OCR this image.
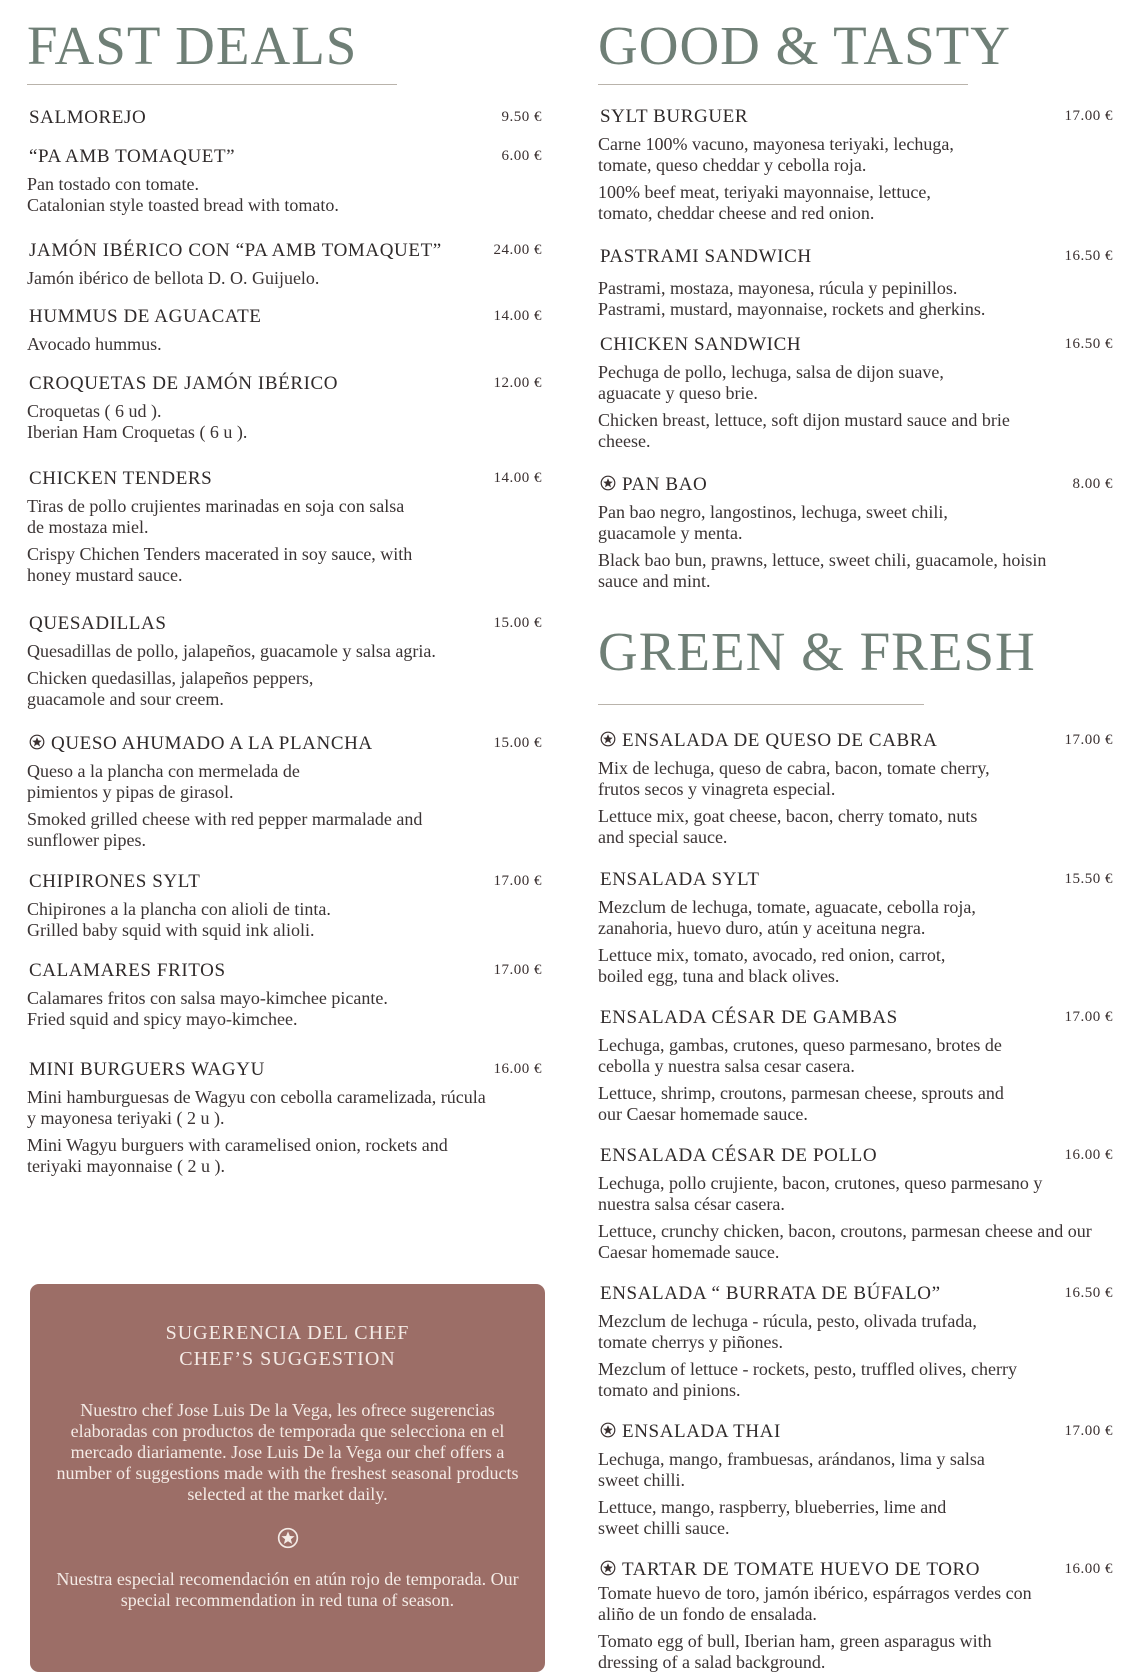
FAST DEALS
SALMOREJO	9.50 €
“PA AMB TOMAQUET”	6.00 €
Pan tostado con tomate.
Catalonian style toasted bread with tomato.
JAMÓN IBÉRICO CON “PA AMB TOMAQUET”	24.00 €
Jamón ibérico de bellota D. O. Guijuelo.
HUMMUS DE AGUACATE	14.00 €
Avocado hummus.
CROQUETAS DE JAMÓN IBÉRICO	12.00 €
Croquetas ( 6 ud ).
Iberian Ham Croquetas ( 6 u ).
CHICKEN TENDERS	14.00 €
Tiras de pollo crujientes marinadas en soja con salsa de mostaza miel.
Crispy Chichen Tenders macerated in soy sauce, with honey mustard sauce.
QUESADILLAS	15.00 €
Quesadillas de pollo, jalapeños, guacamole y salsa agria.
Chicken quedasillas, jalapeños peppers, guacamole and sour creem.
QUESO AHUMADO A LA PLANCHA	15.00 €
Queso a la plancha con mermelada de pimientos y pipas de girasol.
Smoked grilled cheese with red pepper marmalade and sunflower pipes.
CHIPIRONES SYLT	17.00 €
Chipirones a la plancha con alioli de tinta.
Grilled baby squid with squid ink alioli.
CALAMARES FRITOS	17.00 €
Calamares fritos con salsa mayo-kimchee picante.
Fried squid and spicy mayo-kimchee.
MINI BURGUERS WAGYU	16.00 €
Mini hamburguesas de Wagyu con cebolla caramelizada, rúcula y mayonesa teriyaki ( 2 u ).
Mini Wagyu burguers with caramelised onion, rockets and teriyaki mayonnaise ( 2 u ).
SUGERENCIA DEL CHEF
CHEF’S SUGGESTION
Nuestro chef Jose Luis De la Vega, les ofrece sugerencias elaboradas con productos de temporada que selecciona en el mercado diariamente. Jose Luis De la Vega our chef offers a number of suggestions made with the freshest seasonal products selected at the market daily.
Nuestra especial recomendación en atún rojo de temporada. Our special recommendation in red tuna of season.
GOOD & TASTY
SYLT BURGUER	17.00 €
Carne 100% vacuno, mayonesa teriyaki, lechuga, tomate, queso cheddar y cebolla roja.
100% beef meat, teriyaki mayonnaise, lettuce, tomato, cheddar cheese and red onion.
PASTRAMI SANDWICH	16.50 €
Pastrami, mostaza, mayonesa, rúcula y pepinillos. Pastrami, mustard, mayonnaise, rockets and gherkins.
CHICKEN SANDWICH	16.50 €
Pechuga de pollo, lechuga, salsa de dijon suave, aguacate y queso brie.
Chicken breast, lettuce, soft dijon mustard sauce and brie cheese.
PAN BAO	8.00 €
Pan bao negro, langostinos, lechuga, sweet chili, guacamole y menta.
Black bao bun, prawns, lettuce, sweet chili, guacamole, hoisin sauce and mint.
GREEN & FRESH
ENSALADA DE QUESO DE CABRA	17.00 €
Mix de lechuga, queso de cabra, bacon, tomate cherry, frutos secos y vinagreta especial.
Lettuce mix, goat cheese, bacon, cherry tomato, nuts and special sauce.
ENSALADA SYLT	15.50 €
Mezclum de lechuga, tomate, aguacate, cebolla roja, zanahoria, huevo duro, atún y aceituna negra.
Lettuce mix, tomato, avocado, red onion, carrot, boiled egg, tuna and black olives.
ENSALADA CÉSAR DE GAMBAS	17.00 €
Lechuga, gambas, crutones, queso parmesano, brotes de cebolla y nuestra salsa cesar casera.
Lettuce, shrimp, croutons, parmesan cheese, sprouts and our Caesar homemade sauce.
ENSALADA CÉSAR DE POLLO	16.00 €
Lechuga, pollo crujiente, bacon, crutones, queso parmesano y nuestra salsa césar casera.
Lettuce, crunchy chicken, bacon, croutons, parmesan cheese and our Caesar homemade sauce.
ENSALADA “ BURRATA DE BÚFALO”	16.50 €
Mezclum de lechuga - rúcula, pesto, olivada trufada, tomate cherrys y piñones.
Mezclum of lettuce - rockets, pesto, truffled olives, cherry tomato and pinions.
ENSALADA THAI	17.00 €
Lechuga, mango, frambuesas, arándanos, lima y salsa sweet chilli.
Lettuce, mango, raspberry, blueberries, lime and sweet chilli sauce.
TARTAR DE TOMATE HUEVO DE TORO	16.00 €
Tomate huevo de toro, jamón ibérico, espárragos verdes con aliño de un fondo de ensalada.
Tomato egg of bull, Iberian ham, green asparagus with dressing of a salad background.
